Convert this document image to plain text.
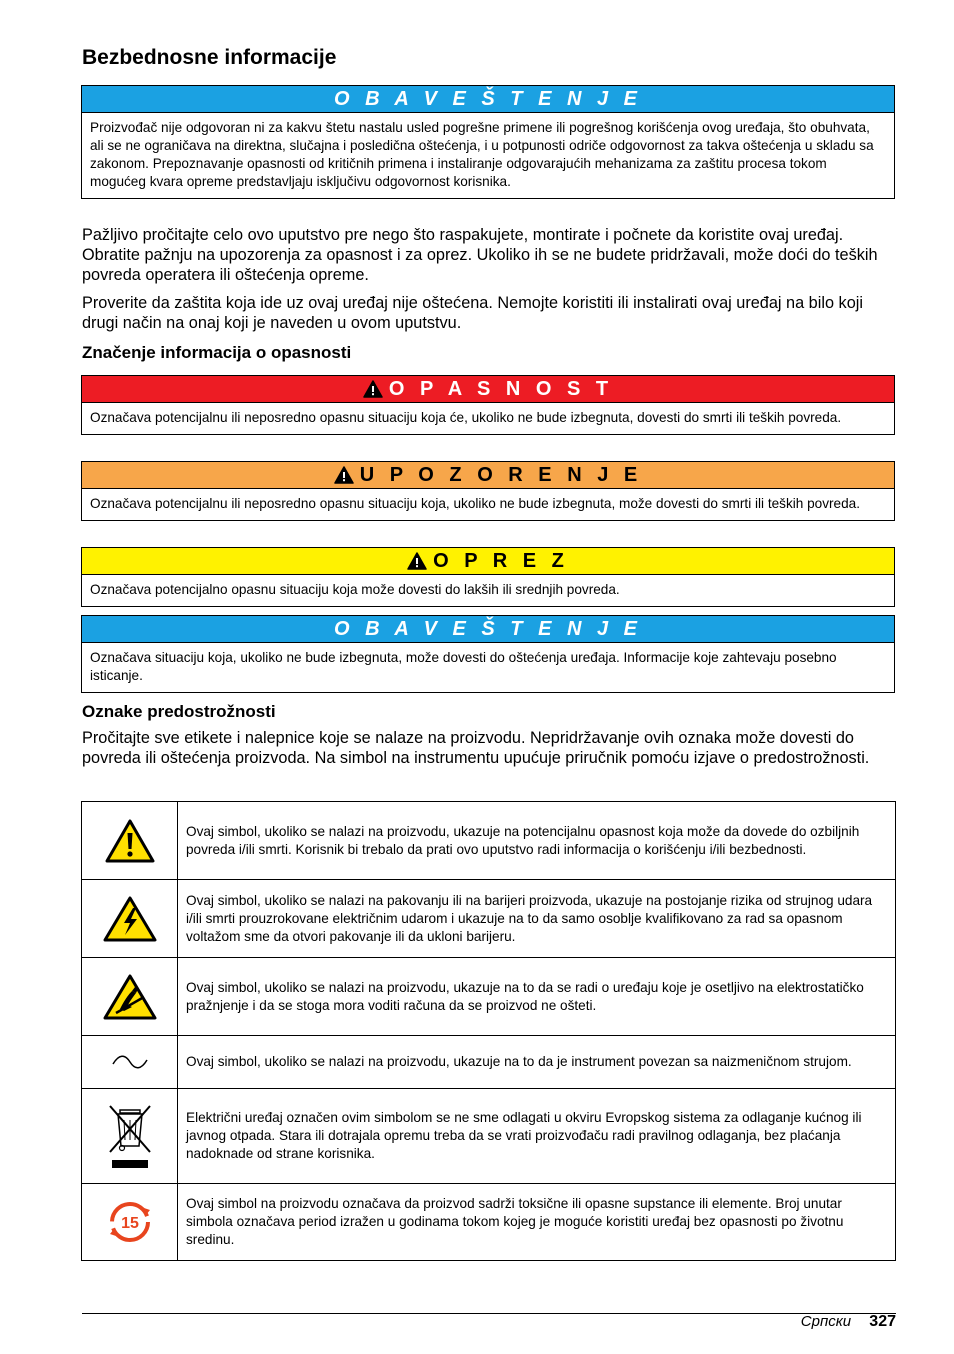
Bezbednosne informacije
O B A V E Š T E N J E
Proizvođač nije odgovoran ni za kakvu štetu nastalu usled pogrešne primene ili pogrešnog korišćenja ovog uređaja, što obuhvata, ali se ne ograničava na direktna, slučajna i posledična oštećenja, i u potpunosti odriče odgovornost za takva oštećenja u skladu sa zakonom. Prepoznavanje opasnosti od kritičnih primena i instaliranje odgovarajućih mehanizama za zaštitu procesa tokom mogućeg kvara opreme predstavljaju isključivu odgovornost korisnika.

Pažljivo pročitajte celo ovo uputstvo pre nego što raspakujete, montirate i počnete da koristite ovaj uređaj. Obratite pažnju na upozorenja za opasnost i za oprez. Ukoliko ih se ne budete pridržavali, može doći do teških povreda operatera ili oštećenja opreme.

Proverite da zaštita koja ide uz ovaj uređaj nije oštećena. Nemojte koristiti ili instalirati ovaj uređaj na bilo koji drugi način na onaj koji je naveden u ovom uputstvu.

Značenje informacija o opasnosti
O P A S N O S T
Označava potencijalnu ili neposredno opasnu situaciju koja će, ukoliko ne bude izbegnuta, dovesti do smrti ili teških povreda.
U P O Z O R E N J E
Označava potencijalnu ili neposredno opasnu situaciju koja, ukoliko ne bude izbegnuta, može dovesti do smrti ili teških povreda.
O P R E Z
Označava potencijalno opasnu situaciju koja može dovesti do lakših ili srednjih povreda.
O B A V E Š T E N J E
Označava situaciju koja, ukoliko ne bude izbegnuta, može dovesti do oštećenja uređaja. Informacije koje zahtevaju posebno isticanje.
Oznake predostrožnosti

Pročitajte sve etikete i nalepnice koje se nalaze na proizvodu. Nepridržavanje ovih oznaka može dovesti do povreda ili oštećenja proizvoda. Na simbol na instrumentu upućuje priručnik pomoću izjave o predostrožnosti.

	Ovaj simbol, ukoliko se nalazi na proizvodu, ukazuje na potencijalnu opasnost koja može da dovede do ozbiljnih povreda i/ili smrti. Korisnik bi trebalo da prati ovo uputstvo radi informacija o korišćenju i/ili bezbednosti.

	Ovaj simbol, ukoliko se nalazi na pakovanju ili na barijeri proizvoda, ukazuje na postojanje rizika od strujnog udara i/ili smrti prouzrokovane električnim udarom i ukazuje na to da samo osoblje kvalifikovano za rad sa opasnom voltažom sme da otvori pakovanje ili da ukloni barijeru.

	Ovaj simbol, ukoliko se nalazi na proizvodu, ukazuje na to da se radi o uređaju koje je osetljivo na elektrostatičko pražnjenje i da se stoga mora voditi računa da se proizvod ne ošteti.

	Ovaj simbol, ukoliko se nalazi na proizvodu, ukazuje na to da je instrument povezan sa naizmeničnom strujom.

	Električni uređaj označen ovim simbolom se ne sme odlagati u okviru Evropskog sistema za odlaganje kućnog ili javnog otpada. Stara ili dotrajala opremu treba da se vrati proizvođaču radi pravilnog odlaganja, bez plaćanja nadoknade od strane korisnika.

15	Ovaj simbol na proizvodu označava da proizvod sadrži toksične ili opasne supstance ili elemente. Broj unutar simbola označava period izražen u godinama tokom kojeg je moguće koristiti uređaj bez opasnosti po životnu sredinu.
Српски 327
